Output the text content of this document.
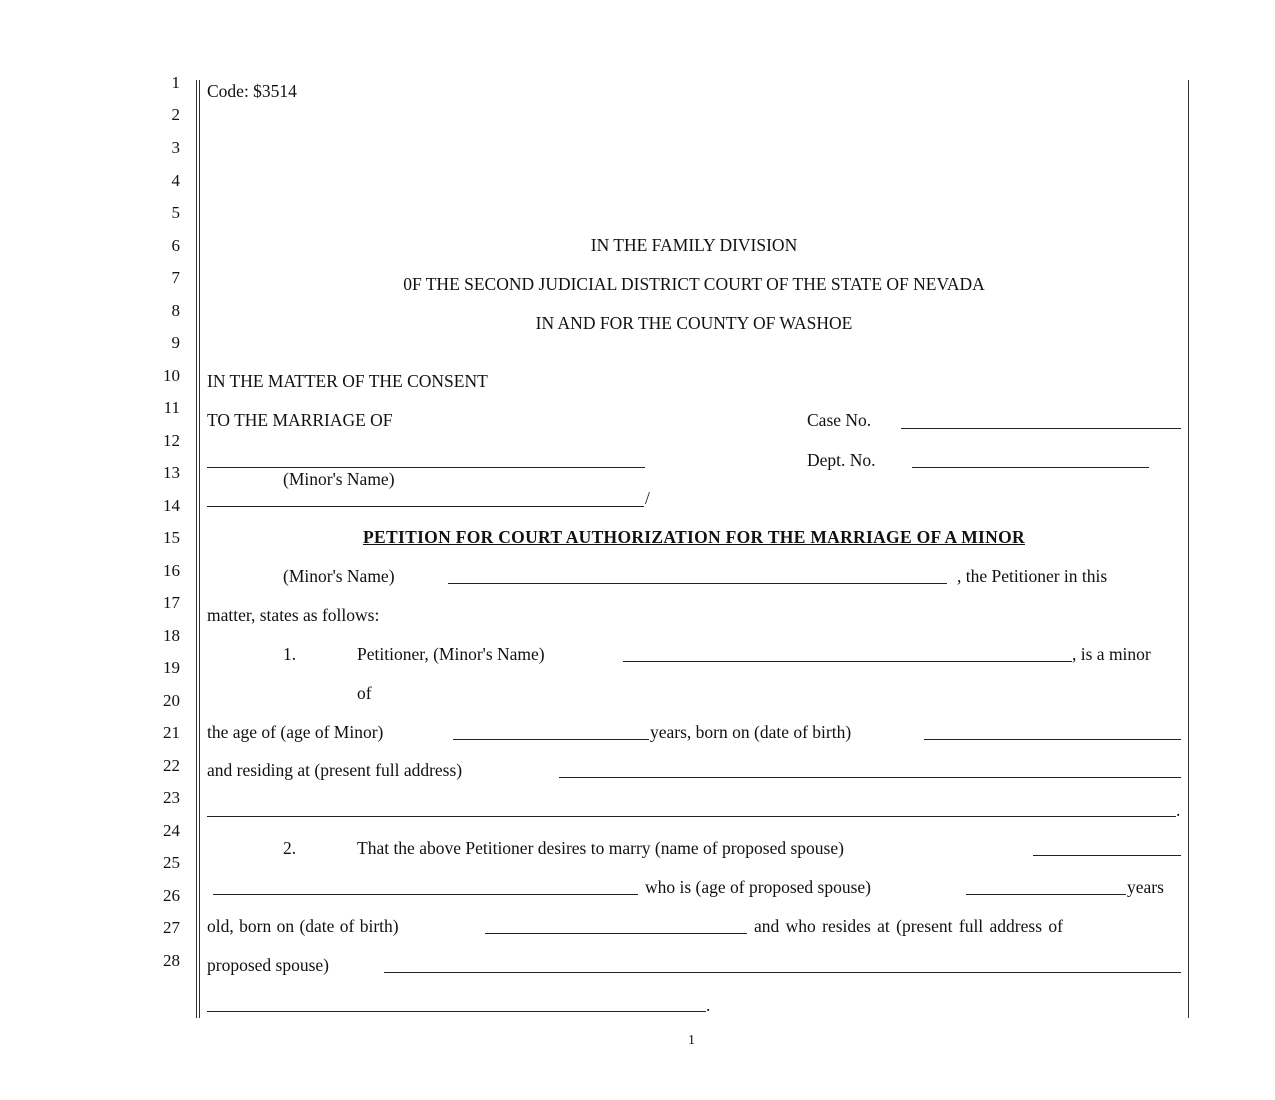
1
2
3
4
5
6
7
8
9
10
11
12
13
14
15
16
17
18
19
20
21
22
23
24
25
26
27
28
Code: $3514
IN THE FAMILY DIVISION
0F THE SECOND JUDICIAL DISTRICT COURT OF THE STATE OF NEVADA
IN AND FOR THE COUNTY OF WASHOE
IN THE MATTER OF THE CONSENT
TO THE MARRIAGE OF	Case No.
Dept. No.
(Minor's Name)
/
PETITION FOR COURT AUTHORIZATION FOR THE MARRIAGE OF A MINOR
(Minor's Name)	, the Petitioner in this
matter, states as follows:
1.	Petitioner, (Minor's Name)	, is a minor
of
the age of (age of Minor)	years, born on (date of birth)
and residing at (present full address)
.
2.	That the above Petitioner desires to marry (name of proposed spouse)
who is (age of proposed spouse)	years
old, born on (date of birth)	and who resides at (present full address of
proposed spouse)
.
1
